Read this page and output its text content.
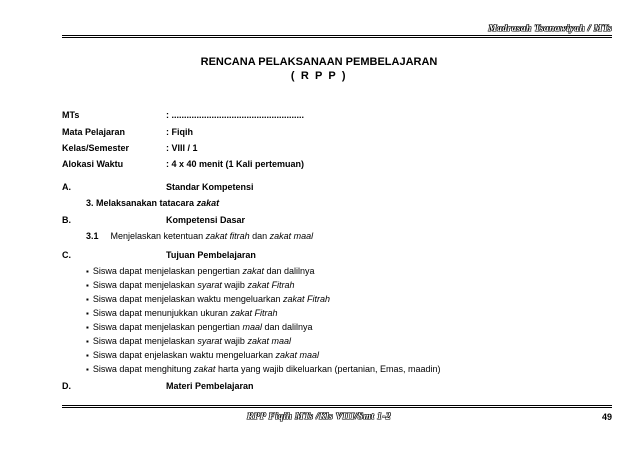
Madrasah Tsanawiyah / MTs
RENCANA PELAKSANAAN PEMBELAJARAN
( R P P )
MTs	: .....................................................
Mata Pelajaran	: Fiqih
Kelas/Semester	: VIII / 1
Alokasi Waktu	: 4 x 40 menit (1 Kali pertemuan)
A.	Standar Kompetensi
3. Melaksanakan tatacara zakat
B.	Kompetensi Dasar
3.1 Menjelaskan ketentuan zakat fitrah dan zakat maal
C.	Tujuan Pembelajaran
▪ Siswa dapat menjelaskan pengertian zakat dan dalilnya
▪ Siswa dapat menjelaskan syarat wajib zakat Fitrah
▪ Siswa dapat menjelaskan waktu mengeluarkan zakat Fitrah
▪ Siswa dapat menunjukkan ukuran zakat Fitrah
▪ Siswa dapat menjelaskan pengertian maal dan dalilnya
▪ Siswa dapat menjelaskan syarat wajib zakat maal
▪ Siswa dapat enjelaskan waktu mengeluarkan zakat maal
▪ Siswa dapat menghitung zakat harta yang wajib dikeluarkan (pertanian, Emas, maadin)
D.	Materi Pembelajaran
RPP Fiqih MTs /Kls VIII/Smt 1-2	49
